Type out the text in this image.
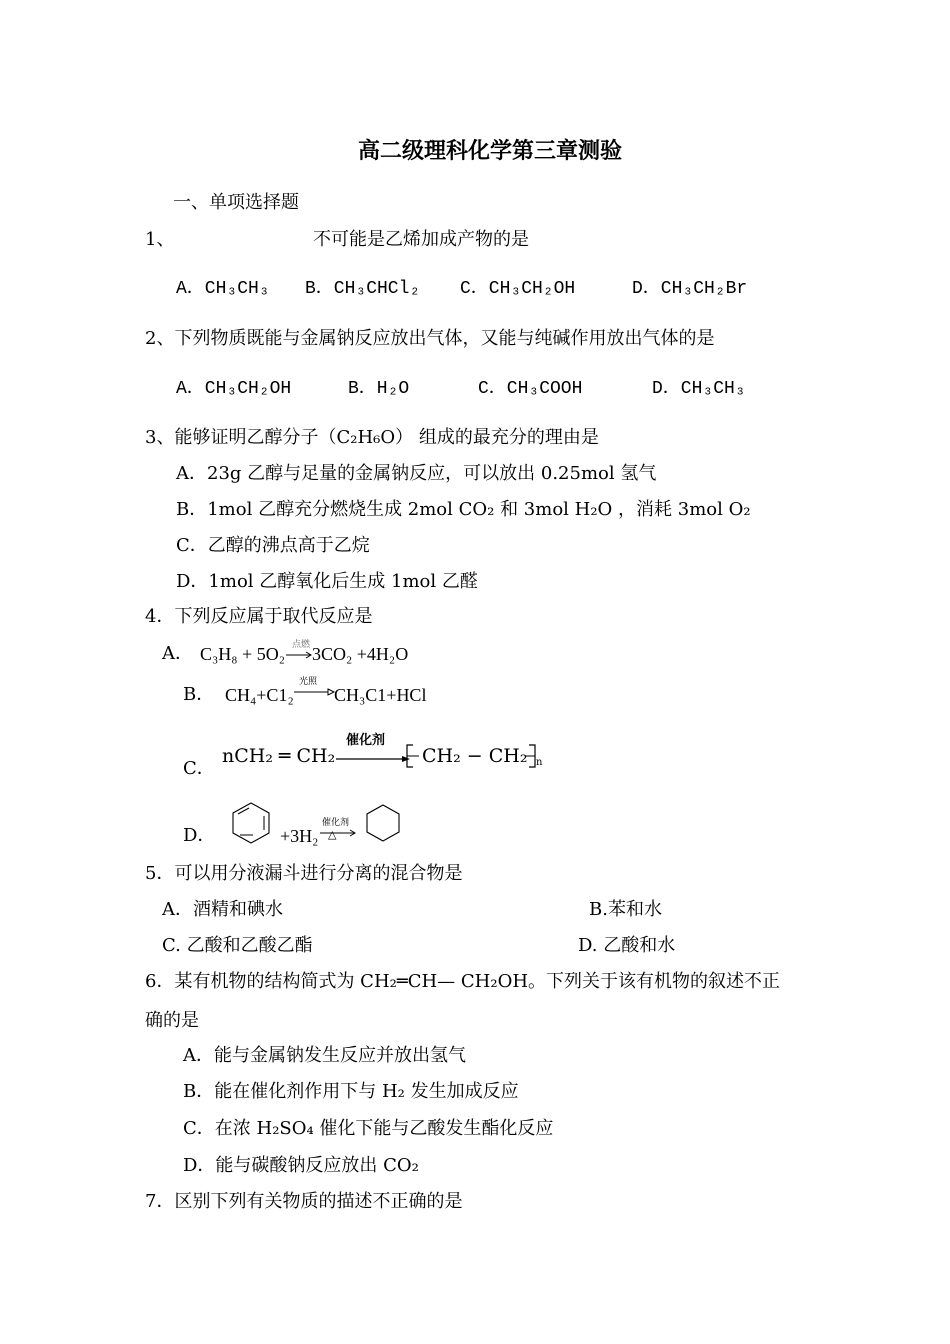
高二级理科化学第三章测验
一、单项选择题
1、	不可能是乙烯加成产物的是
A．CH₃CH₃ B．CH₃CHCl₂ C．CH₃CH₂OH	D．CH₃CH₂Br
2、下列物质既能与金属钠反应放出气体，又能与纯碱作用放出气体的是
A．CH₃CH₂OH	B．H₂O	C．CH₃COOH	D．CH₃CH₃
3、能够证明乙醇分子（C₂H₆O） 组成的最充分的理由是
A．23g 乙醇与足量的金属钠反应，可以放出 0.25mol 氢气
B．1mol 乙醇充分燃烧生成 2mol CO₂ 和 3mol H₂O ，消耗 3mol O₂
C．乙醇的沸点高于乙烷
D．1mol 乙醇氧化后生成 1mol 乙醛
4．下列反应属于取代反应是
A． C₃H₈ + 5O₂ 点燃 3CO₂ +4H₂O
B． CH₄+C1₂
光照
CH₃C1+HCl
C．
nCH₂ ═ CH₂
催化剂
CH₂ − CH₂ n
D．	+3H₂
催化剂
△
5．可以用分液漏斗进行分离的混合物是
A．酒精和碘水	B.苯和水
C. 乙酸和乙酸乙酯	D. 乙酸和水
6．某有机物的结构简式为 CH₂═CH— CH₂OH。下列关于该有机物的叙述不正
确的是
A．能与金属钠发生反应并放出氢气
B．能在催化剂作用下与 H₂ 发生加成反应
C．在浓 H₂SO₄ 催化下能与乙酸发生酯化反应
D．能与碳酸钠反应放出 CO₂
7．区别下列有关物质的描述不正确的是
